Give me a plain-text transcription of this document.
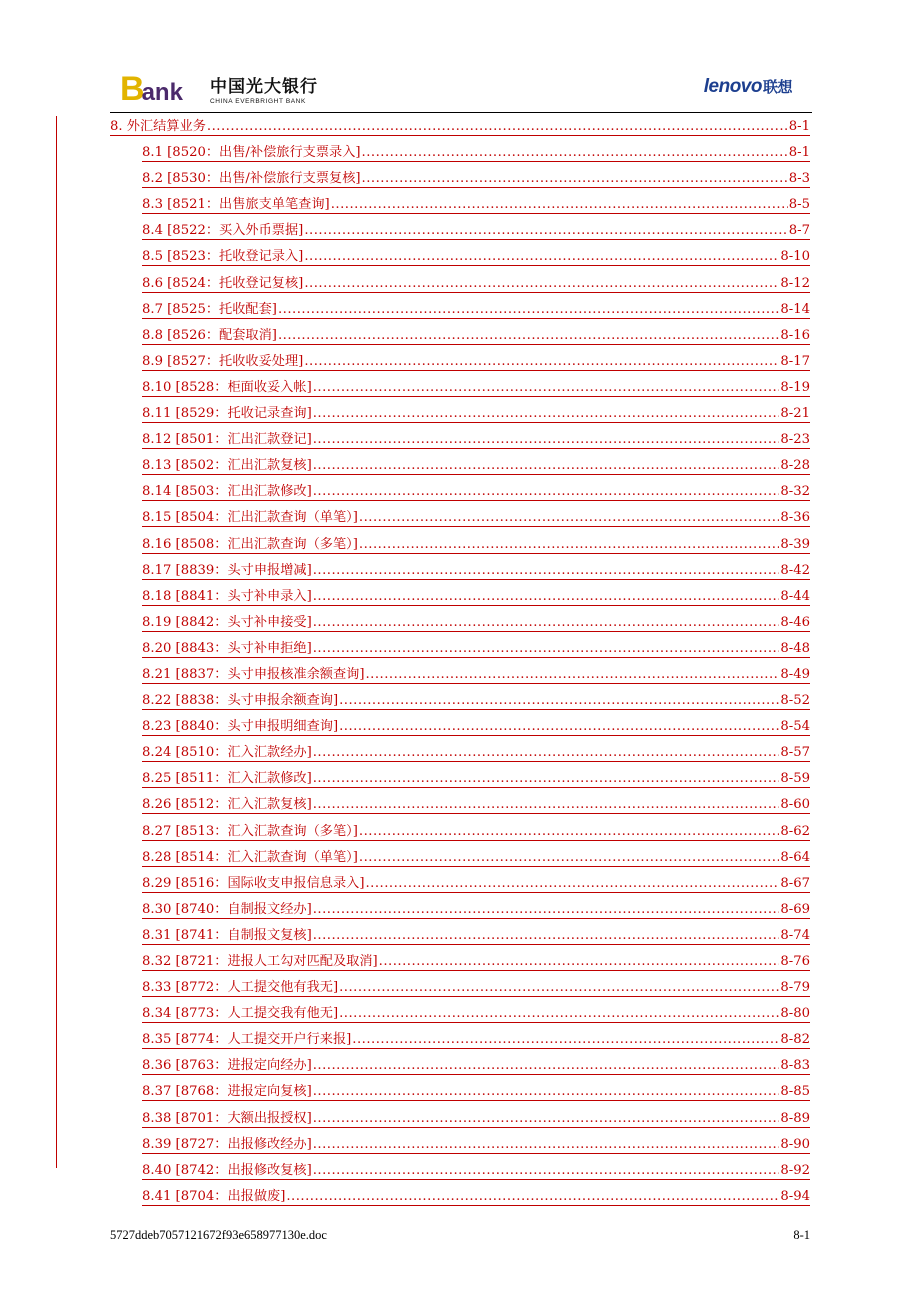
B
ank 中国光大银行
CHINA EVERBRIGHT BANK
lenovo联想
8. 外汇结算业务 .....	8-1
8.1 [8520：出售/补偿旅行支票录入] .....	8-1
8.2 [8530：出售/补偿旅行支票复核] .....	8-3
8.3 [8521：出售旅支单笔查询] .....	8-5
8.4 [8522：买入外币票据] .....	8-7
8.5 [8523：托收登记录入] .....	8-10
8.6 [8524：托收登记复核] .....	8-12
8.7 [8525：托收配套] .....	8-14
8.8 [8526：配套取消] .....	8-16
8.9 [8527：托收收妥处理] .....	8-17
8.10 [8528：柜面收妥入帐] .....	8-19
8.11 [8529：托收记录查询] .....	8-21
8.12 [8501：汇出汇款登记] .....	8-23
8.13 [8502：汇出汇款复核] .....	8-28
8.14 [8503：汇出汇款修改] .....	8-32
8.15 [8504：汇出汇款查询（单笔）] .....	8-36
8.16 [8508：汇出汇款查询（多笔）] .....	8-39
8.17 [8839：头寸申报增减] .....	8-42
8.18 [8841：头寸补申录入] .....	8-44
8.19 [8842：头寸补申接受] .....	8-46
8.20 [8843：头寸补申拒绝] .....	8-48
8.21 [8837：头寸申报核准余额查询] .....	8-49
8.22 [8838：头寸申报余额查询] .....	8-52
8.23 [8840：头寸申报明细查询] .....	8-54
8.24 [8510：汇入汇款经办] .....	8-57
8.25 [8511：汇入汇款修改] .....	8-59
8.26 [8512：汇入汇款复核] .....	8-60
8.27 [8513：汇入汇款查询（多笔）] .....	8-62
8.28 [8514：汇入汇款查询（单笔）] .....	8-64
8.29 [8516：国际收支申报信息录入] .....	8-67
8.30 [8740：自制报文经办] .....	8-69
8.31 [8741：自制报文复核] .....	8-74
8.32 [8721：进报人工勾对匹配及取消] .....	8-76
8.33 [8772：人工提交他有我无] .....	8-79
8.34 [8773：人工提交我有他无] .....	8-80
8.35 [8774：人工提交开户行来报] .....	8-82
8.36 [8763：进报定向经办] .....	8-83
8.37 [8768：进报定向复核] .....	8-85
8.38 [8701：大额出报授权] .....	8-89
8.39 [8727：出报修改经办] .....	8-90
8.40 [8742：出报修改复核] .....	8-92
8.41 [8704：出报做废] .....	8-94
5727ddeb7057121672f93e658977130e.doc	8-1
